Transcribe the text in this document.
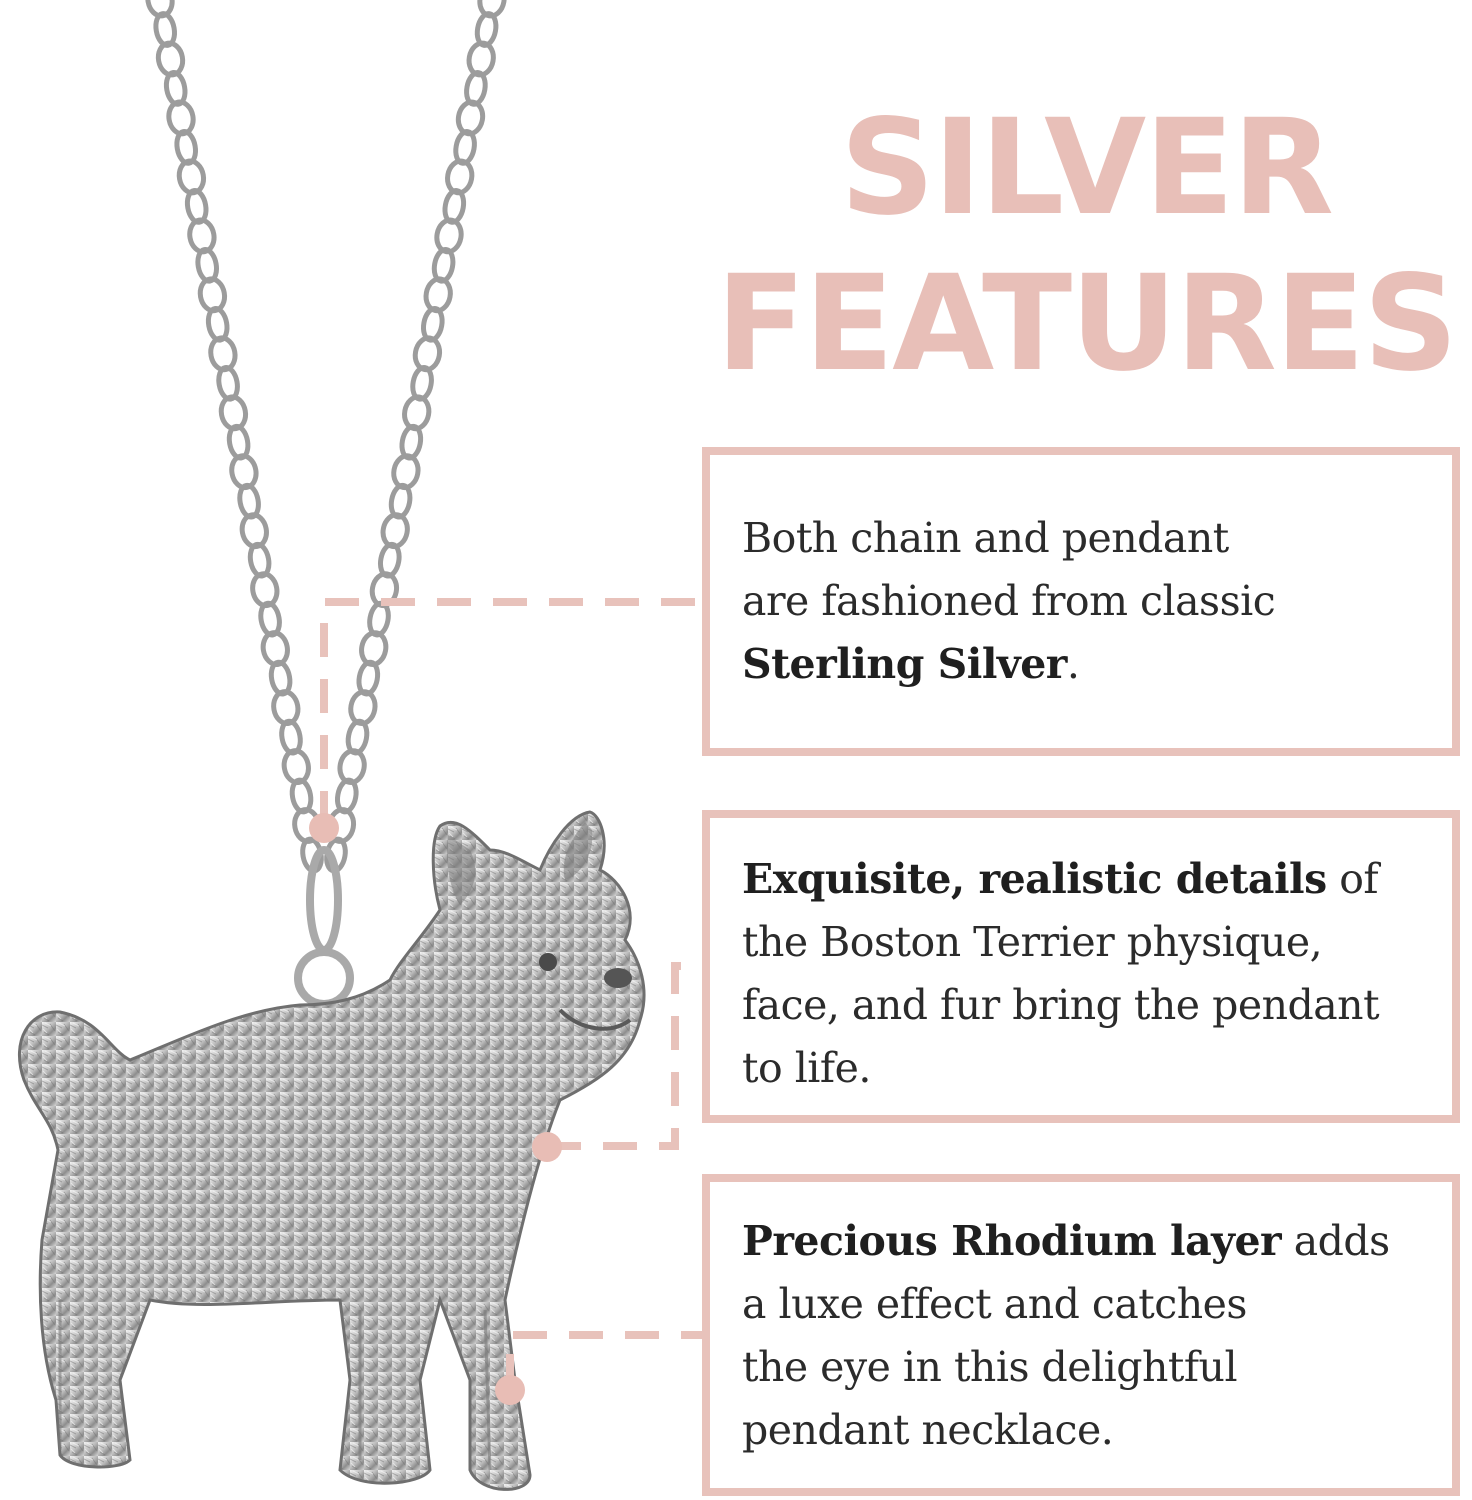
SILVER
FEATURES
Both chain and pendant
are fashioned from classic
Sterling Silver.
Exquisite, realistic details of
the Boston Terrier physique,
face, and fur bring the pendant
to life.
Precious Rhodium layer adds
a luxe effect and catches
the eye in this delightful
pendant necklace.
